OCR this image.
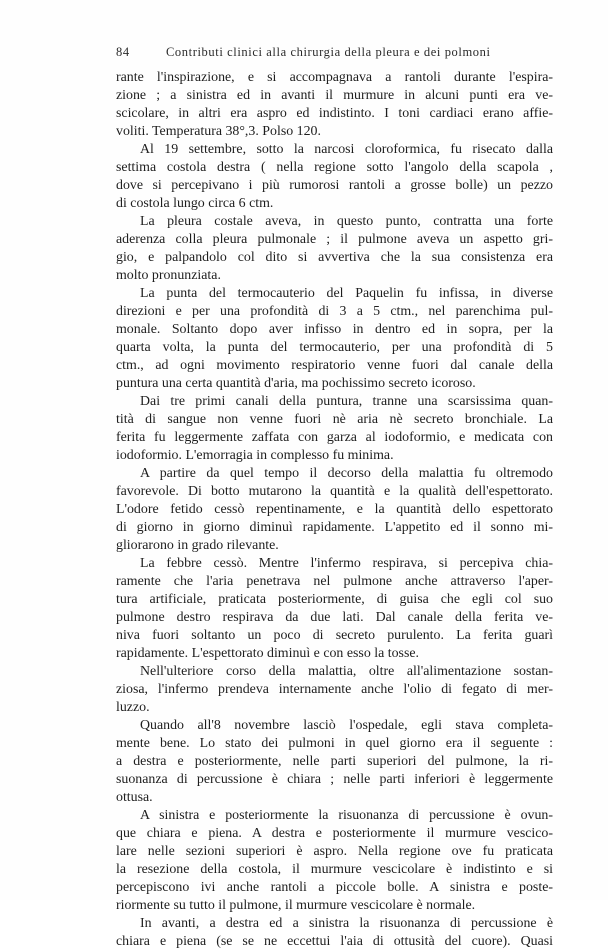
84	Contributi clinici alla chirurgia della pleura e dei polmoni
rante l'inspirazione, e si accompagnava a rantoli durante l'espira-
zione ; a sinistra ed in avanti il murmure in alcuni punti era ve-
scicolare, in altri era aspro ed indistinto. I toni cardiaci erano affie-
voliti. Temperatura 38°,3. Polso 120.
Al 19 settembre, sotto la narcosi cloroformica, fu risecato dalla
settima costola destra ( nella regione sotto l'angolo della scapola ,
dove si percepivano i più rumorosi rantoli a grosse bolle) un pezzo
di costola lungo circa 6 ctm.
La pleura costale aveva, in questo punto, contratta una forte
aderenza colla pleura pulmonale ; il pulmone aveva un aspetto gri-
gio, e palpandolo col dito si avvertiva che la sua consistenza era
molto pronunziata.
La punta del termocauterio del Paquelin fu infissa, in diverse
direzioni e per una profondità di 3 a 5 ctm., nel parenchima pul-
monale. Soltanto dopo aver infisso in dentro ed in sopra, per la
quarta volta, la punta del termocauterio, per una profondità di 5
ctm., ad ogni movimento respiratorio venne fuori dal canale della
puntura una certa quantità d'aria, ma pochissimo secreto icoroso.
Dai tre primi canali della puntura, tranne una scarsissima quan-
tità di sangue non venne fuori nè aria nè secreto bronchiale. La
ferita fu leggermente zaffata con garza al iodoformio, e medicata con
iodoformio. L'emorragia in complesso fu minima.
A partire da quel tempo il decorso della malattia fu oltremodo
favorevole. Di botto mutarono la quantità e la qualità dell'espettorato.
L'odore fetido cessò repentinamente, e la quantità dello espettorato
di giorno in giorno diminuì rapidamente. L'appetito ed il sonno mi-
gliorarono in grado rilevante.
La febbre cessò. Mentre l'infermo respirava, si percepiva chia-
ramente che l'aria penetrava nel pulmone anche attraverso l'aper-
tura artificiale, praticata posteriormente, di guisa che egli col suo
pulmone destro respirava da due lati. Dal canale della ferita ve-
niva fuori soltanto un poco di secreto purulento. La ferita guarì
rapidamente. L'espettorato diminuì e con esso la tosse.
Nell'ulteriore corso della malattia, oltre all'alimentazione sostan-
ziosa, l'infermo prendeva internamente anche l'olio di fegato di mer-
luzzo.
Quando all'8 novembre lasciò l'ospedale, egli stava completa-
mente bene. Lo stato dei pulmoni in quel giorno era il seguente :
a destra e posteriormente, nelle parti superiori del pulmone, la ri-
suonanza di percussione è chiara ; nelle parti inferiori è leggermente
ottusa.
A sinistra e posteriormente la risuonanza di percussione è ovun-
que chiara e piena. A destra e posteriormente il murmure vescico-
lare nelle sezioni superiori è aspro. Nella regione ove fu praticata
la resezione della costola, il murmure vescicolare è indistinto e si
percepiscono ivi anche rantoli a piccole bolle. A sinistra e poste-
riormente su tutto il pulmone, il murmure vescicolare è normale.
In avanti, a destra ed a sinistra la risuonanza di percussione è
chiara e piena (se se ne eccettui l'aia di ottusità del cuore). Quasi
